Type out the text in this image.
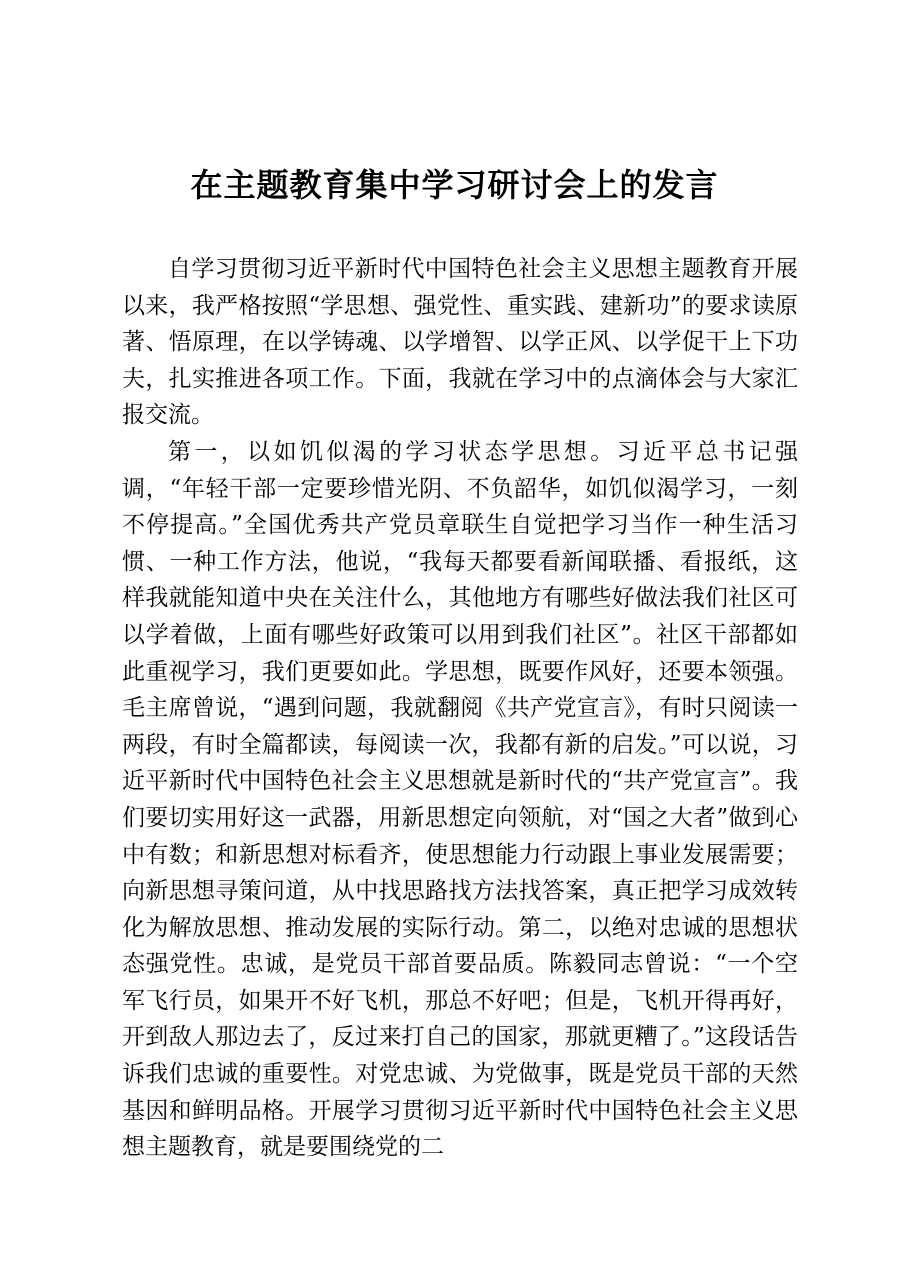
在主题教育集中学习研讨会上的发言

自学习贯彻习近平新时代中国特色社会主义思想主题教育开展以来，我严格按照“学思想、强党性、重实践、建新功”的要求读原著、悟原理，在以学铸魂、以学增智、以学正风、以学促干上下功夫，扎实推进各项工作。下面，我就在学习中的点滴体会与大家汇报交流。

第一，以如饥似渴的学习状态学思想。习近平总书记强调，“年轻干部一定要珍惜光阴、不负韶华，如饥似渴学习，一刻不停提高。”全国优秀共产党员章联生自觉把学习当作一种生活习惯、一种工作方法，他说，“我每天都要看新闻联播、看报纸，这样我就能知道中央在关注什么，其他地方有哪些好做法我们社区可以学着做，上面有哪些好政策可以用到我们社区”。社区干部都如此重视学习，我们更要如此。学思想，既要作风好，还要本领强。毛主席曾说，“遇到问题，我就翻阅《共产党宣言》，有时只阅读一两段，有时全篇都读，每阅读一次，我都有新的启发。”可以说，习近平新时代中国特色社会主义思想就是新时代的“共产党宣言”。我们要切实用好这一武器，用新思想定向领航，对“国之大者”做到心中有数；和新思想对标看齐，使思想能力行动跟上事业发展需要；向新思想寻策问道，从中找思路找方法找答案，真正把学习成效转化为解放思想、推动发展的实际行动。第二，以绝对忠诚的思想状态强党性。忠诚，是党员干部首要品质。陈毅同志曾说：“一个空军飞行员，如果开不好飞机，那总不好吧；但是，飞机开得再好，开到敌人那边去了，反过来打自己的国家，那就更糟了。”这段话告诉我们忠诚的重要性。对党忠诚、为党做事，既是党员干部的天然基因和鲜明品格。开展学习贯彻习近平新时代中国特色社会主义思想主题教育，就是要围绕党的二
